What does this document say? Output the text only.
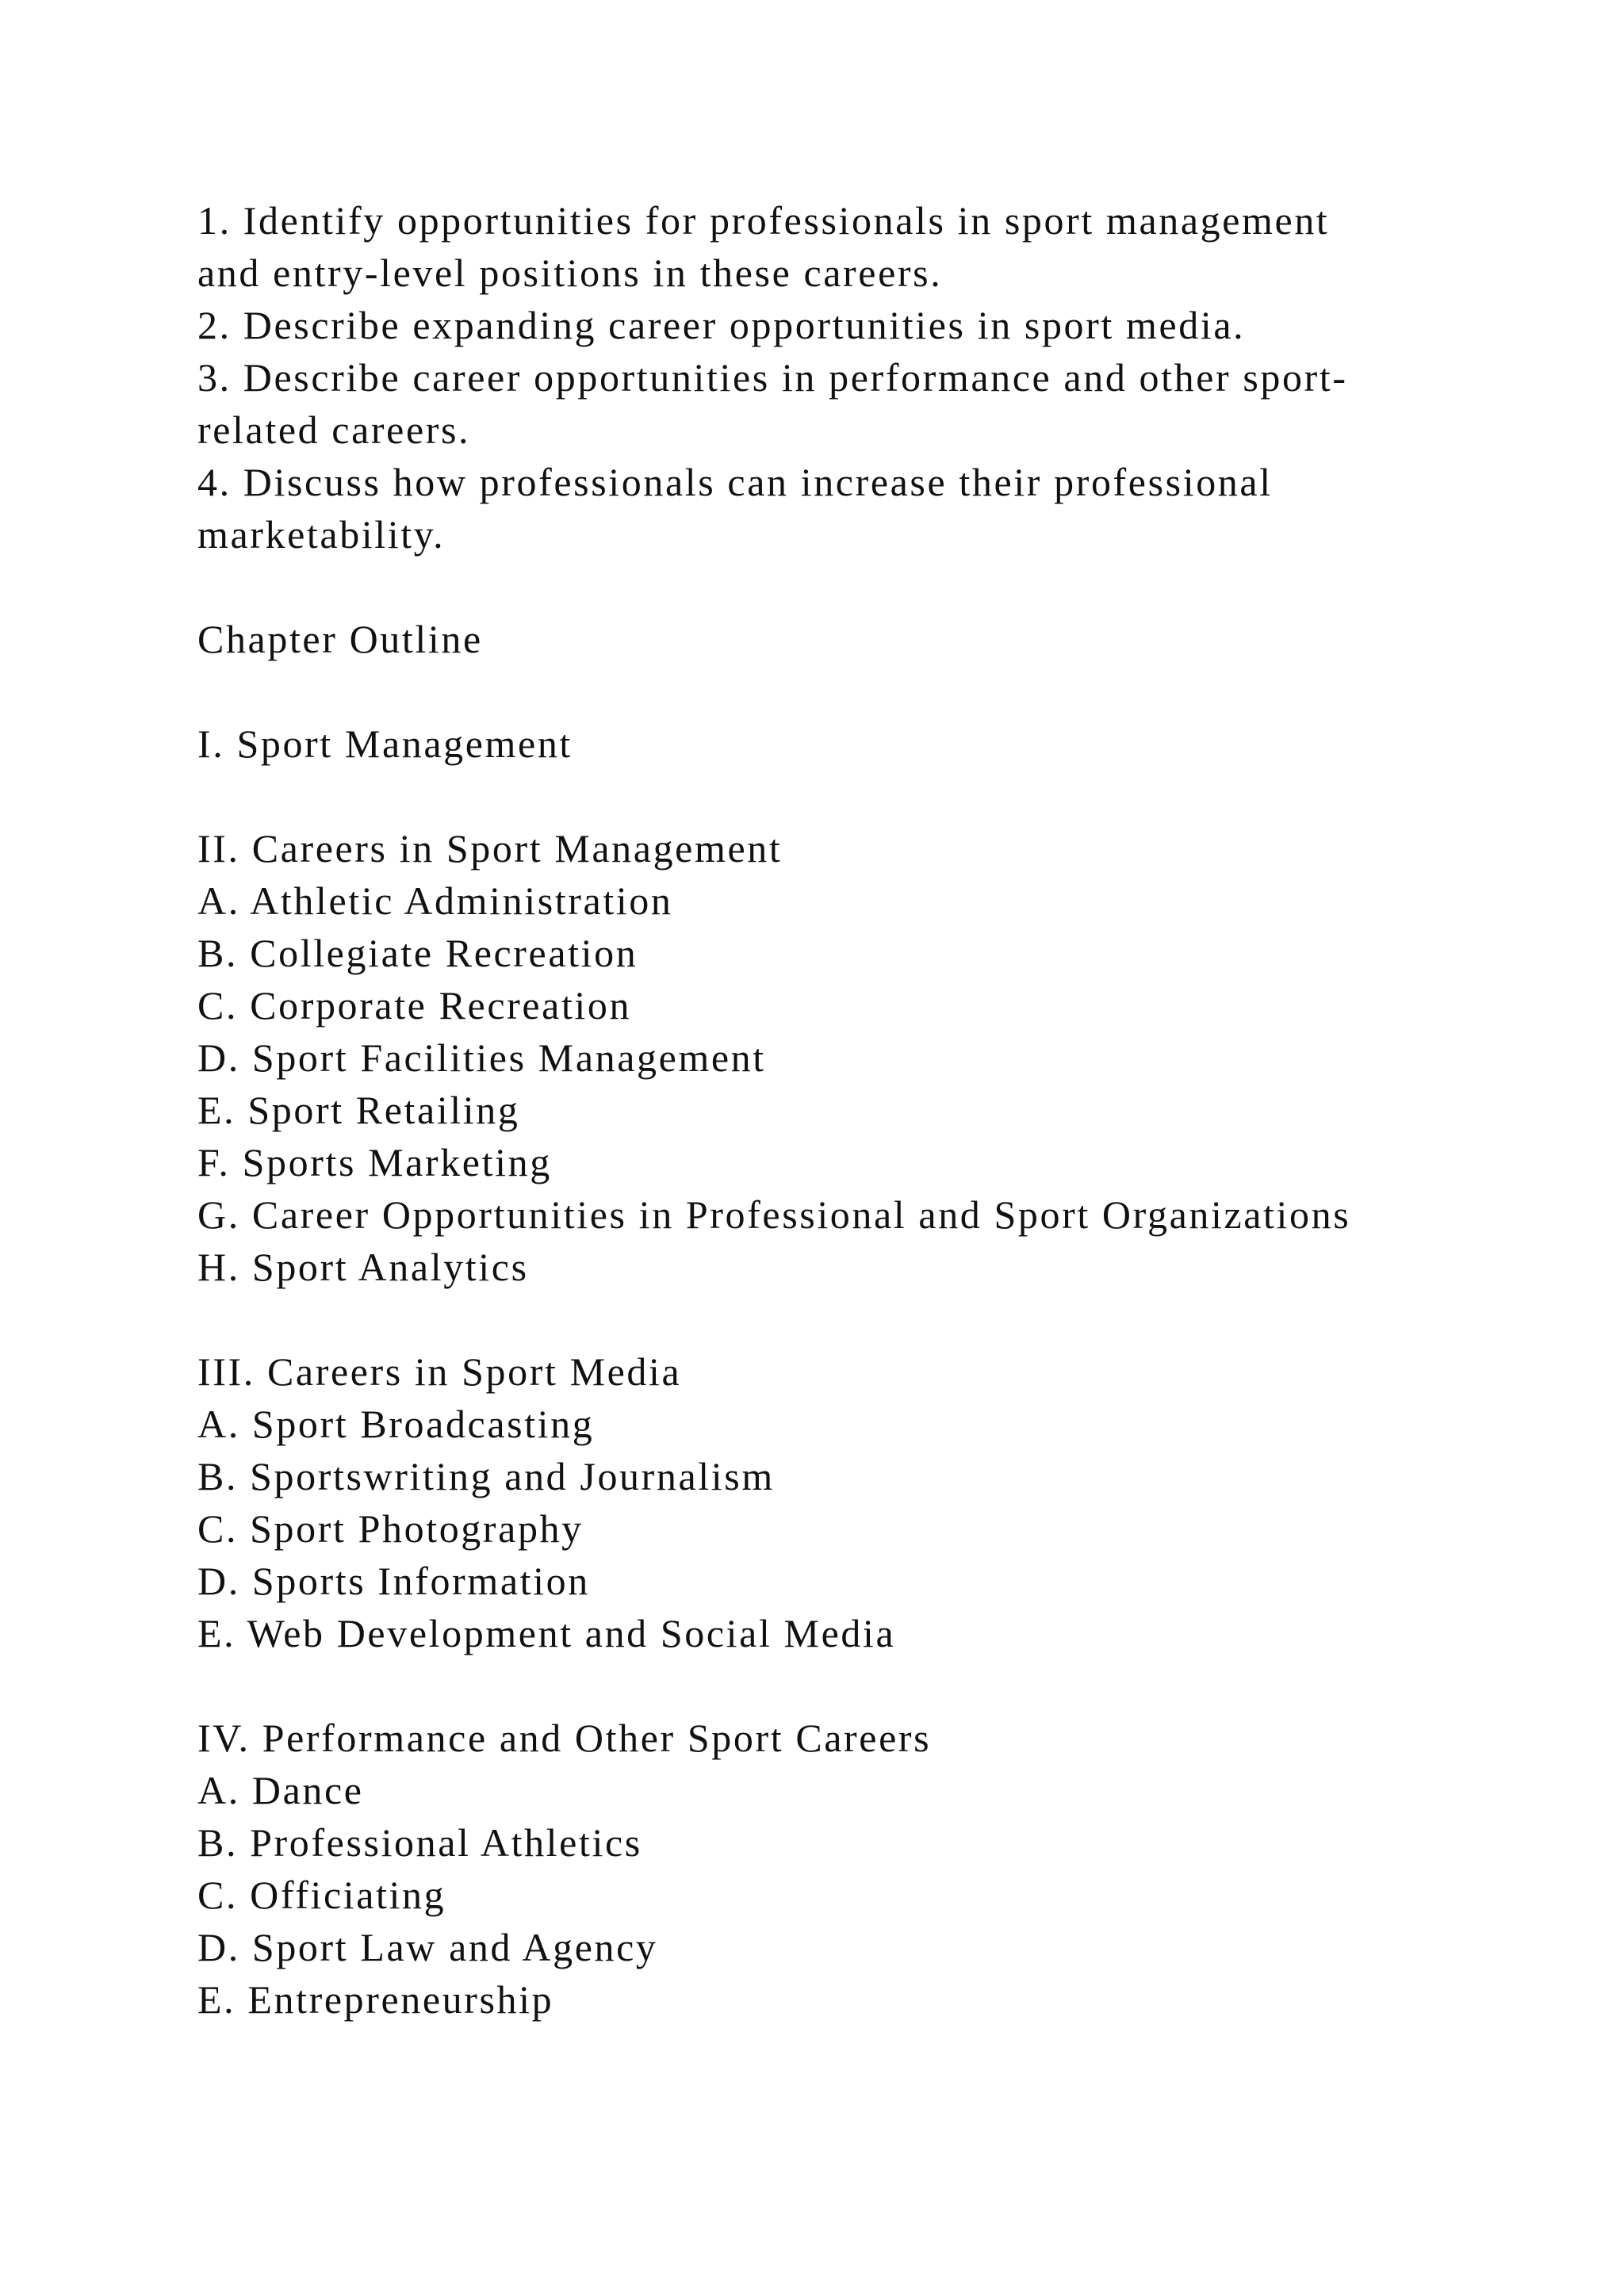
1. Identify opportunities for professionals in sport management
and entry-level positions in these careers.
2. Describe expanding career opportunities in sport media.
3. Describe career opportunities in performance and other sport-
related careers.
4. Discuss how professionals can increase their professional
marketability.
Chapter Outline
I. Sport Management
II. Careers in Sport Management
A. Athletic Administration
B. Collegiate Recreation
C. Corporate Recreation
D. Sport Facilities Management
E. Sport Retailing
F. Sports Marketing
G. Career Opportunities in Professional and Sport Organizations
H. Sport Analytics
III. Careers in Sport Media
A. Sport Broadcasting
B. Sportswriting and Journalism
C. Sport Photography
D. Sports Information
E. Web Development and Social Media
IV. Performance and Other Sport Careers
A. Dance
B. Professional Athletics
C. Officiating
D. Sport Law and Agency
E. Entrepreneurship
